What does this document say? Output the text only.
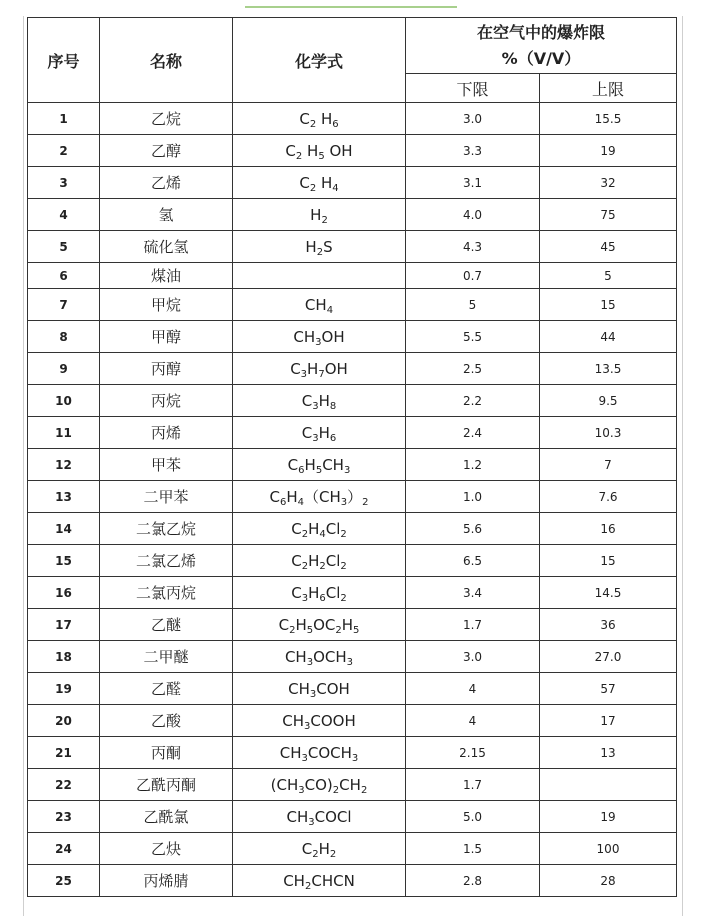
序号	名称	化学式	在空气中的爆炸限
%（V/V）	

			下限	上限
1	乙烷	$C_2$ $H_6$	3.0	15.5
2	乙醇	$C_2$ $H_5$ OH	3.3	19
3	乙烯	$C_2$ $H_4$	3.1	32
4	氢	$H_2$	4.0	75
5	硫化氢	$H_2S$	4.3	45
6	煤油		0.7	5
7	甲烷	$CH_4$	5	15
8	甲醇	$CH_3OH$	5.5	44
9	丙醇	$C_3H_7OH$	2.5	13.5
10	丙烷	$C_3H_8$	2.2	9.5
11	丙烯	$C_3H_6$	2.4	10.3
12	甲苯	$C_6H_5CH_3$	1.2	7
13	二甲苯	$C_6H_4(CH_3)_2$	1.0	7.6
14	二氯乙烷	$C_2H_4Cl_2$	5.6	16
15	二氯乙烯	$C_2H_2Cl_2$	6.5	15
16	二氯丙烷	$C_3H_6Cl_2$	3.4	14.5
17	乙醚	$C_2H_5OC_2H_5$	1.7	36
18	二甲醚	$CH_3OCH_3$	3.0	27.0
19	乙醛	$CH_3COH$	4	57
20	乙酸	$CH_3COOH$	4	17
21	丙酮	$CH_3COCH_3$	2.15	13
22	乙酰丙酮	$(CH_3CO)_2CH_2$	1.7	
23	乙酰氯	$CH_3COCl$	5.0	19
24	乙炔	$C_2H_2$	1.5	100
25	丙烯腈	$CH_2CHCN$	2.8	28
